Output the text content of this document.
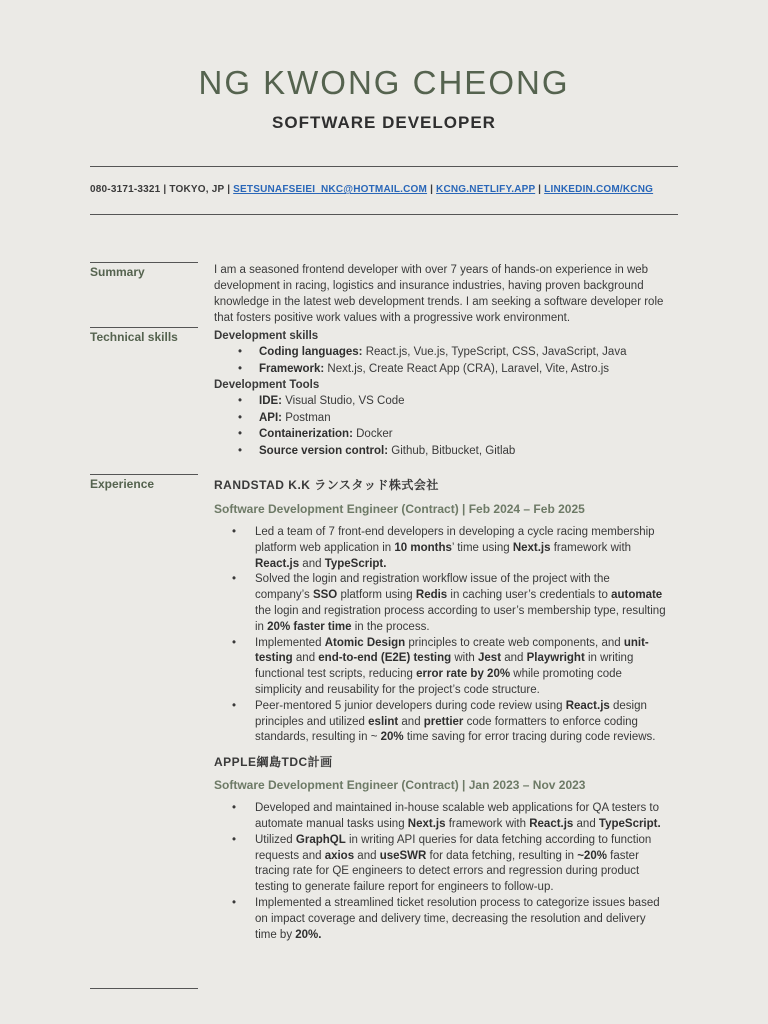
NG KWONG CHEONG
SOFTWARE DEVELOPER
080-3171-3321 | TOKYO, JP | SETSUNAFSEIEI_NKC@HOTMAIL.COM | KCNG.NETLIFY.APP | LINKEDIN.COM/KCNG
Summary	I am a seasoned frontend developer with over 7 years of hands-on experience in web development in racing, logistics and insurance industries, having proven background knowledge in the latest web development trends. I am seeking a software developer role that fosters positive work values with a progressive work environment.

Technical skills	Development skills
• Coding languages: React.js, Vue.js, TypeScript, CSS, JavaScript, Java
• Framework: Next.js, Create React App (CRA), Laravel, Vite, Astro.js
Development Tools
• IDE: Visual Studio, VS Code
• API: Postman
• Containerization: Docker
• Source version control: Github, Bitbucket, Gitlab
Experience	RANDSTAD K.K ランスタッド株式会社
Software Development Engineer (Contract) | Feb 2024 – Feb 2025
• Led a team of 7 front-end developers in developing a cycle racing membership platform web application in 10 months’ time using Next.js framework with React.js and TypeScript.
• Solved the login and registration workflow issue of the project with the company’s SSO platform using Redis in caching user’s credentials to automate the login and registration process according to user’s membership type, resulting in 20% faster time in the process.
• Implemented Atomic Design principles to create web components, and unit-testing and end-to-end (E2E) testing with Jest and Playwright in writing functional test scripts, reducing error rate by 20% while promoting code simplicity and reusability for the project’s code structure.
• Peer-mentored 5 junior developers during code review using React.js design principles and utilized eslint and prettier code formatters to enforce coding standards, resulting in ~ 20% time saving for error tracing during code reviews.
APPLE綱島TDC計画
Software Development Engineer (Contract) | Jan 2023 – Nov 2023
• Developed and maintained in-house scalable web applications for QA testers to automate manual tasks using Next.js framework with React.js and TypeScript.
• Utilized GraphQL in writing API queries for data fetching according to function requests and axios and useSWR for data fetching, resulting in ~20% faster tracing rate for QE engineers to detect errors and regression during product testing to generate failure report for engineers to follow-up.
• Implemented a streamlined ticket resolution process to categorize issues based on impact coverage and delivery time, decreasing the resolution and delivery time by 20%.
